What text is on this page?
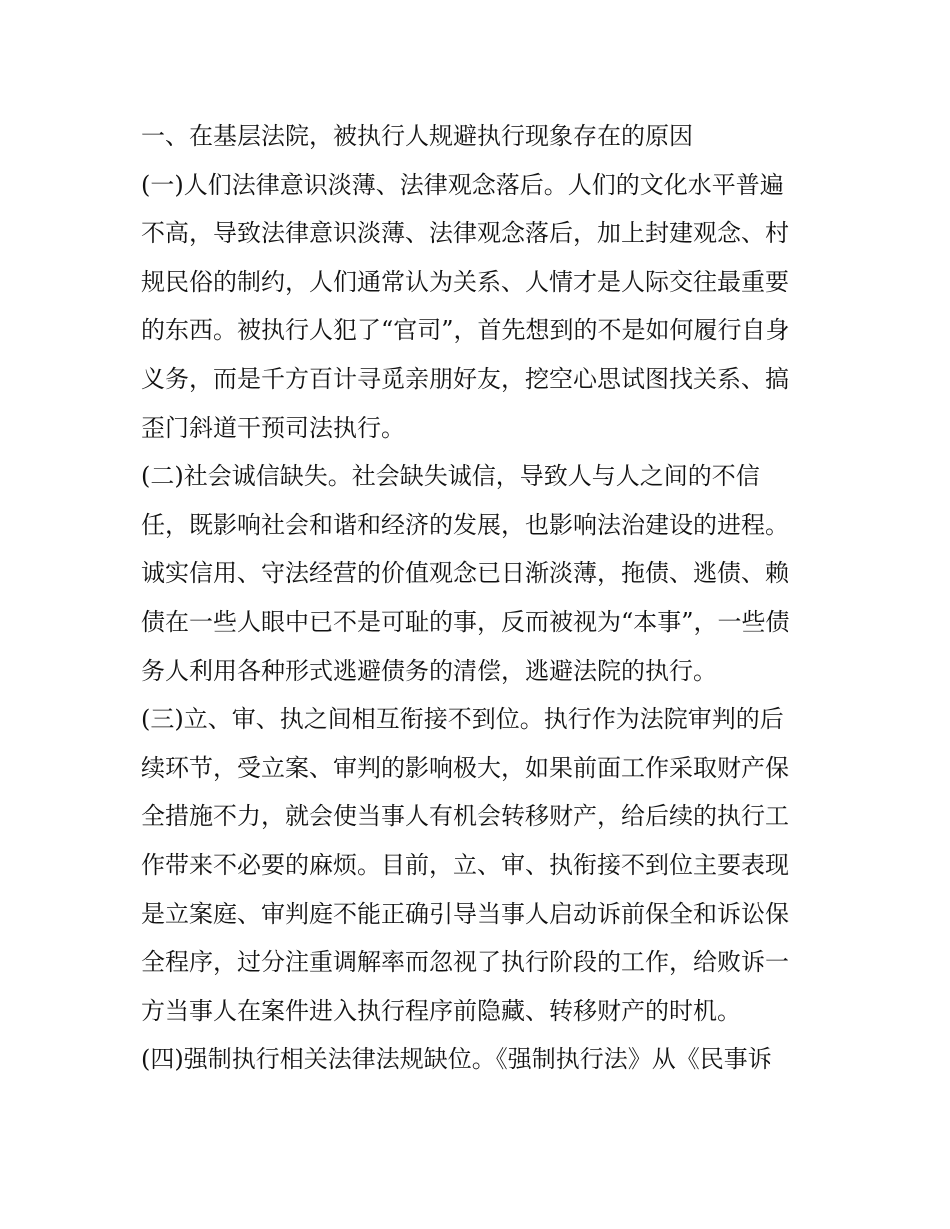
一、在基层法院，被执行人规避执行现象存在的原因
(一)人们法律意识淡薄、法律观念落后。人们的文化水平普遍
不高，导致法律意识淡薄、法律观念落后，加上封建观念、村
规民俗的制约，人们通常认为关系、人情才是人际交往最重要
的东西。被执行人犯了“官司”，首先想到的不是如何履行自身
义务，而是千方百计寻觅亲朋好友，挖空心思试图找关系、搞
歪门斜道干预司法执行。
(二)社会诚信缺失。社会缺失诚信，导致人与人之间的不信
任，既影响社会和谐和经济的发展，也影响法治建设的进程。
诚实信用、守法经营的价值观念已日渐淡薄，拖债、逃债、赖
债在一些人眼中已不是可耻的事，反而被视为“本事”，一些债
务人利用各种形式逃避债务的清偿，逃避法院的执行。
(三)立、审、执之间相互衔接不到位。执行作为法院审判的后
续环节，受立案、审判的影响极大，如果前面工作采取财产保
全措施不力，就会使当事人有机会转移财产，给后续的执行工
作带来不必要的麻烦。目前，立、审、执衔接不到位主要表现
是立案庭、审判庭不能正确引导当事人启动诉前保全和诉讼保
全程序，过分注重调解率而忽视了执行阶段的工作，给败诉一
方当事人在案件进入执行程序前隐藏、转移财产的时机。
(四)强制执行相关法律法规缺位。《强制执行法》从《民事诉
